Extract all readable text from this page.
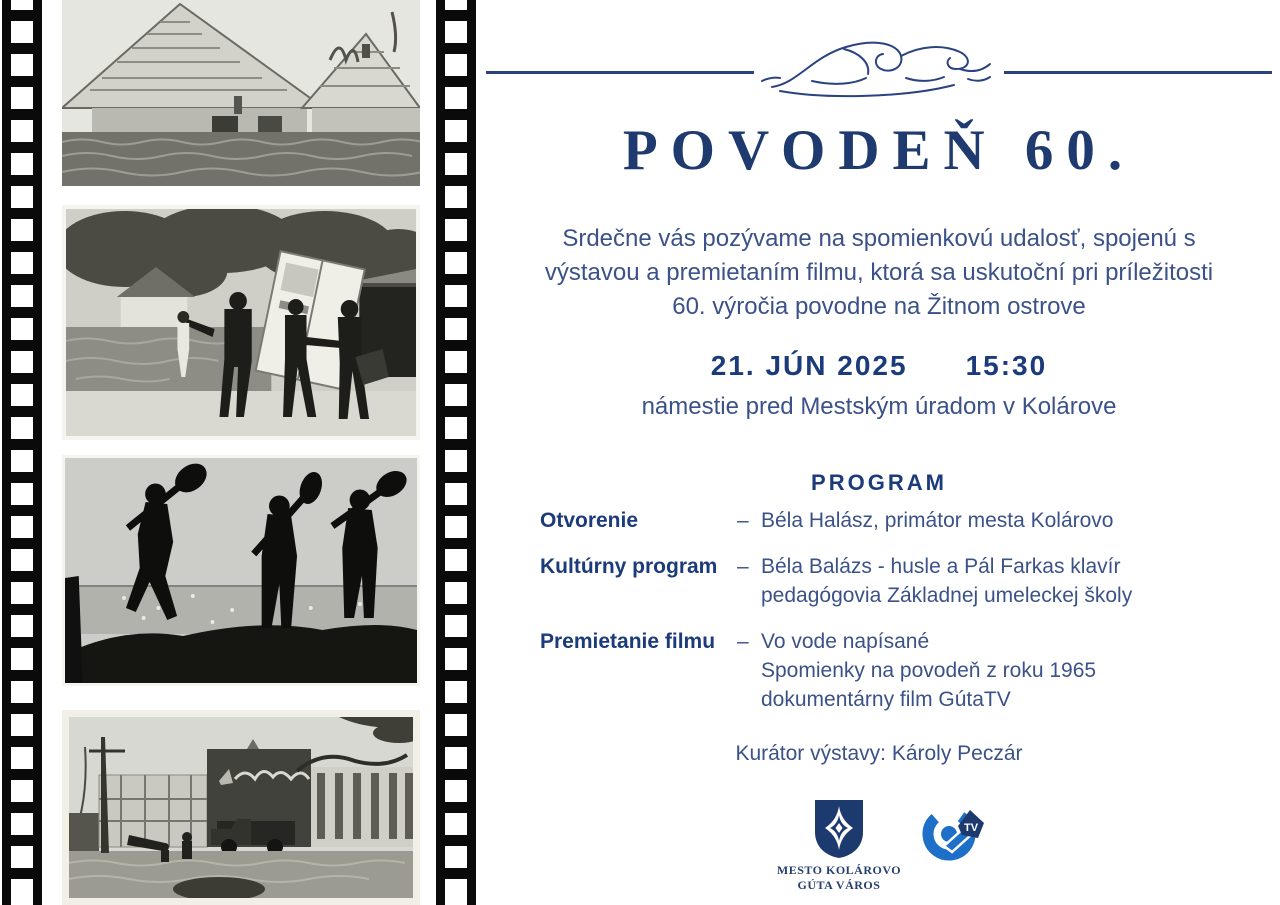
POVODEŇ 60.
Srdečne vás pozývame na spomienkovú udalosť, spojenú s
výstavou a premietaním filmu, ktorá sa uskutoční pri príležitosti
60. výročia povodne na Žitnom ostrove
21. JÚN 2025 15:30
námestie pred Mestským úradom v Kolárove
PROGRAM
Otvorenie	– Béla Halász, primátor mesta Kolárovo
Kultúrny program – Béla Balázs - husle a Pál Farkas klavír
pedagógovia Základnej umeleckej školy
Premietanie filmu	– Vo vode napísané
Spomienky na povodeň z roku 1965
dokumentárny film GútaTV
Kurátor výstavy: Károly Peczár
MESTO KOLÁROVO
GÚTA VÁROS
TV
